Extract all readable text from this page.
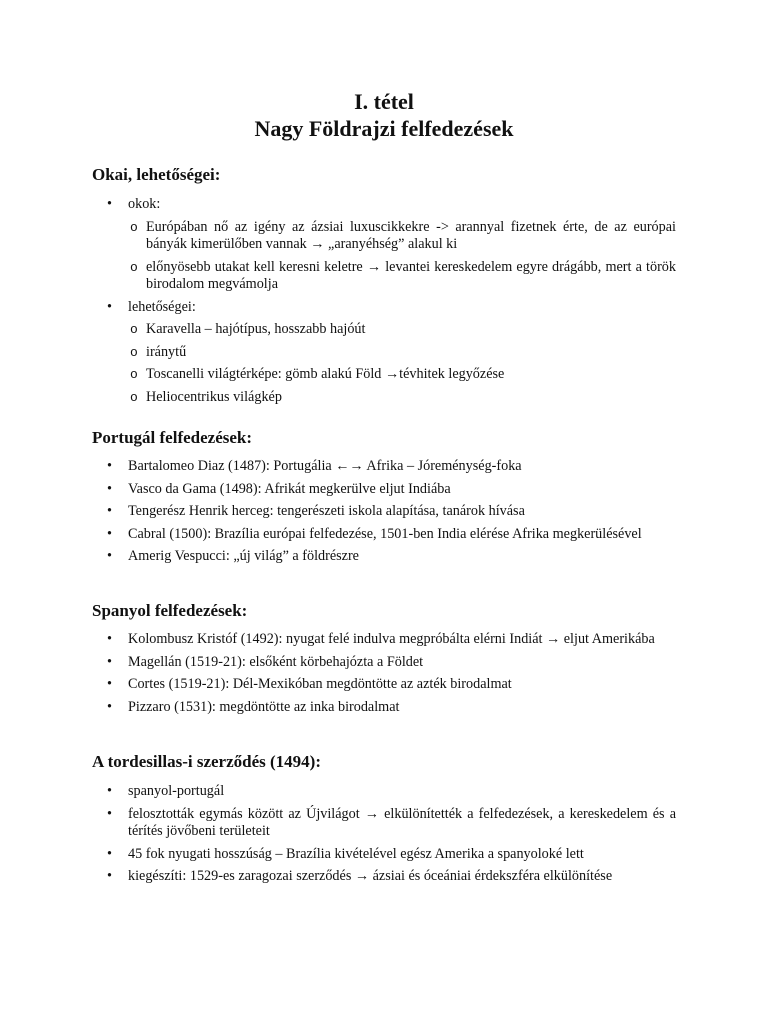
I. tétel
Nagy Földrajzi felfedezések
Okai, lehetőségei:
• okok:
o Európában nő az igény az ázsiai luxuscikkekre -> arannyal fizetnek érte, de az európai bányák kimerülőben vannak → „aranyéhség” alakul ki
o előnyösebb utakat kell keresni keletre → levantei kereskedelem egyre drágább, mert a török birodalom megvámolja
• lehetőségei:
o Karavella – hajótípus, hosszabb hajóút
o iránytű
o Toscanelli világtérképe: gömb alakú Föld →tévhitek legyőzése
o Heliocentrikus világkép
Portugál felfedezések:
• Bartalomeo Diaz (1487): Portugália ←→ Afrika – Jóreménység-foka
• Vasco da Gama (1498): Afrikát megkerülve eljut Indiába
• Tengerész Henrik herceg: tengerészeti iskola alapítása, tanárok hívása
• Cabral (1500): Brazília európai felfedezése, 1501-ben India elérése Afrika megkerülésével
• Amerig Vespucci: „új világ” a földrészre
Spanyol felfedezések:
• Kolombusz Kristóf (1492): nyugat felé indulva megpróbálta elérni Indiát → eljut Amerikába
• Magellán (1519-21): elsőként körbehajózta a Földet
• Cortes (1519-21): Dél-Mexikóban megdöntötte az azték birodalmat
• Pizzaro (1531): megdöntötte az inka birodalmat
A tordesillas-i szerződés (1494):
• spanyol-portugál
• felosztották egymás között az Újvilágot → elkülönítették a felfedezések, a kereskedelem és a térítés jövőbeni területeit
• 45 fok nyugati hosszúság – Brazília kivételével egész Amerika a spanyoloké lett
• kiegészíti: 1529-es zaragozai szerződés → ázsiai és óceániai érdekszféra elkülönítése
